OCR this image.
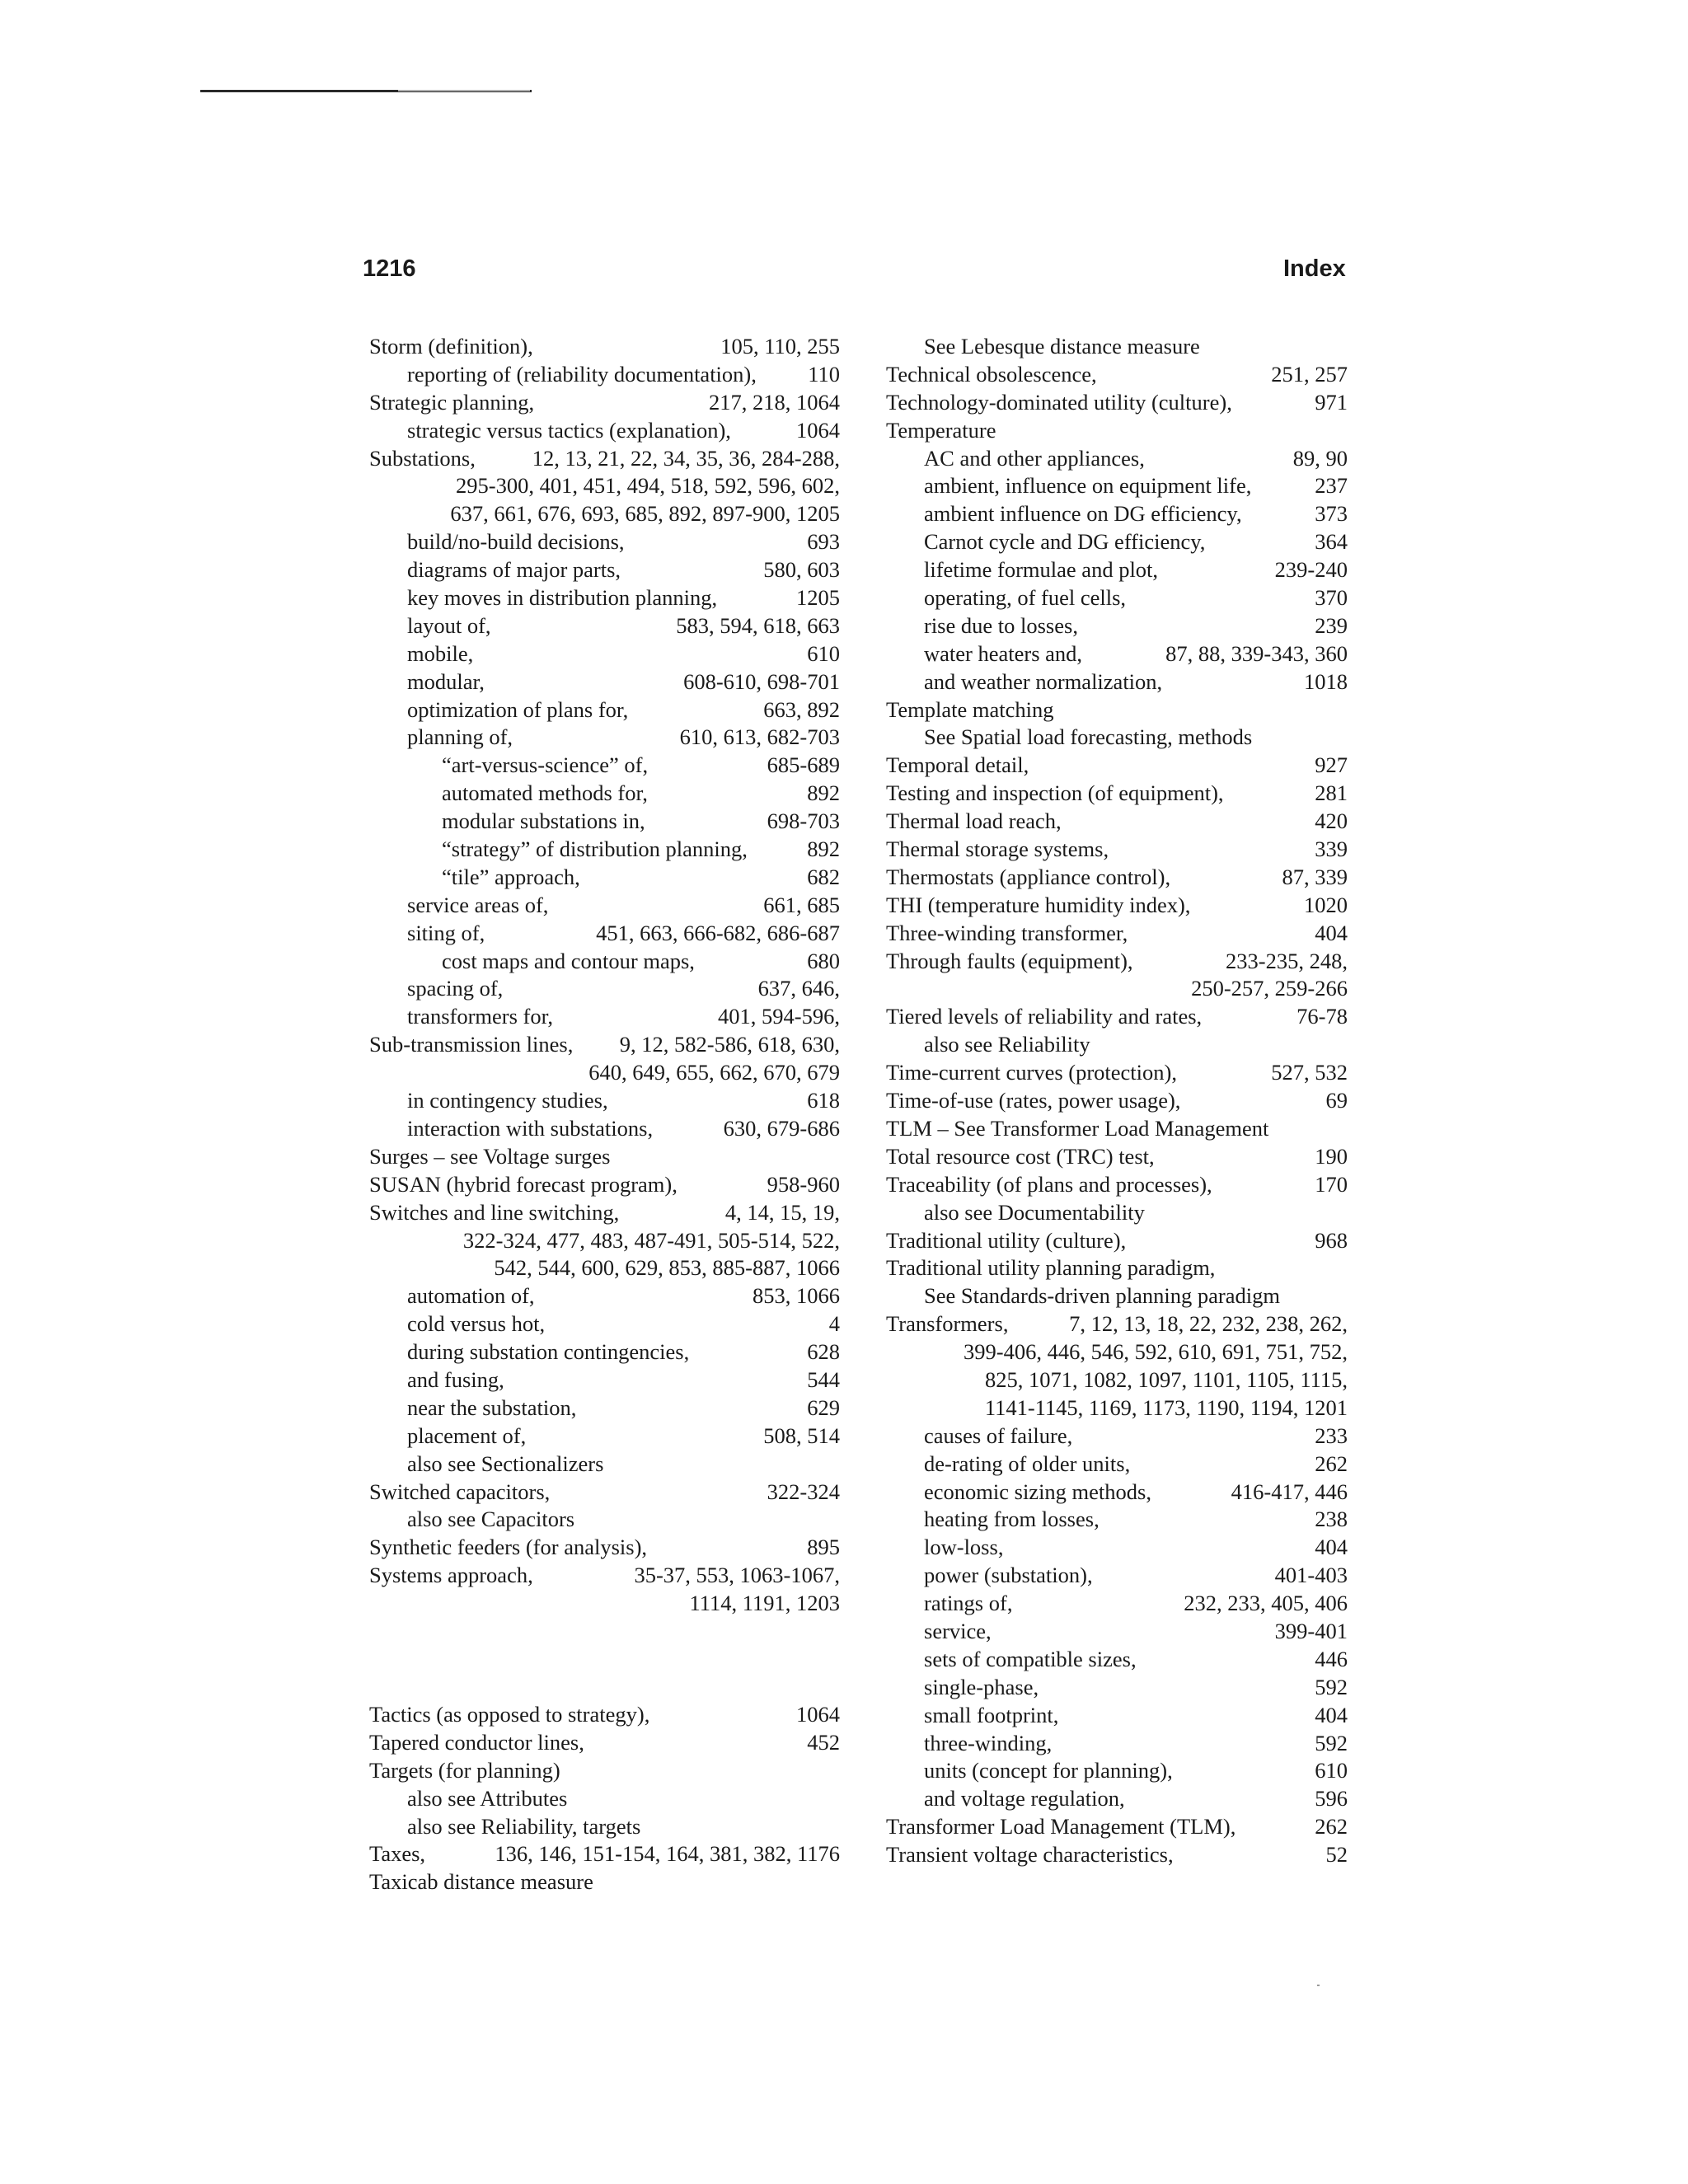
1216	Index
Storm (definition),	105, 110, 255
reporting of (reliability documentation), 110
Strategic planning,	217, 218, 1064
strategic versus tactics (explanation),	1064
Substations,	12, 13, 21, 22, 34, 35, 36, 284-288,
295-300, 401, 451, 494, 518, 592, 596, 602,
637, 661, 676, 693, 685, 892, 897-900, 1205
build/no-build decisions,	693
diagrams of major parts,	580, 603
key moves in distribution planning,	1205
layout of,	583, 594, 618, 663
mobile,	610
modular,	608-610, 698-701
optimization of plans for,	663, 892
planning of,	610, 613, 682-703
“art-versus-science” of,	685-689
automated methods for,	892
modular substations in,	698-703
“strategy” of distribution planning,	892
“tile” approach,	682
service areas of,	661, 685
siting of,	451, 663, 666-682, 686-687
cost maps and contour maps,	680
spacing of,	637, 646,
transformers for,	401, 594-596,
Sub-transmission lines, 9, 12, 582-586, 618, 630,
640, 649, 655, 662, 670, 679
in contingency studies,	618
interaction with substations,	630, 679-686
Surges – see Voltage surges
SUSAN (hybrid forecast program),	958-960
Switches and line switching,	4, 14, 15, 19,
322-324, 477, 483, 487-491, 505-514, 522,
542, 544, 600, 629, 853, 885-887, 1066
automation of,	853, 1066
cold versus hot,	4
during substation contingencies,	628
and fusing,	544
near the substation,	629
placement of,	508, 514
also see Sectionalizers
Switched capacitors,	322-324
also see Capacitors
Synthetic feeders (for analysis),	895
Systems approach,	35-37, 553, 1063-1067,
1114, 1191, 1203
Tactics (as opposed to strategy),	1064
Tapered conductor lines,	452
Targets (for planning)
also see Attributes
also see Reliability, targets
Taxes,	136, 146, 151-154, 164, 381, 382, 1176
Taxicab distance measure
See Lebesque distance measure
Technical obsolescence,	251, 257
Technology-dominated utility (culture),	971
Temperature
AC and other appliances,	89, 90
ambient, influence on equipment life,	237
ambient influence on DG efficiency,	373
Carnot cycle and DG efficiency,	364
lifetime formulae and plot,	239-240
operating, of fuel cells,	370
rise due to losses,	239
water heaters and,	87, 88, 339-343, 360
and weather normalization,	1018
Template matching
See Spatial load forecasting, methods
Temporal detail,	927
Testing and inspection (of equipment),	281
Thermal load reach,	420
Thermal storage systems,	339
Thermostats (appliance control),	87, 339
THI (temperature humidity index),	1020
Three-winding transformer,	404
Through faults (equipment),	233-235, 248,
250-257, 259-266
Tiered levels of reliability and rates,	76-78
also see Reliability
Time-current curves (protection),	527, 532
Time-of-use (rates, power usage),	69
TLM – See Transformer Load Management
Total resource cost (TRC) test,	190
Traceability (of plans and processes),	170
also see Documentability
Traditional utility (culture),	968
Traditional utility planning paradigm,
See Standards-driven planning paradigm
Transformers,	7, 12, 13, 18, 22, 232, 238, 262,
399-406, 446, 546, 592, 610, 691, 751, 752,
825, 1071, 1082, 1097, 1101, 1105, 1115,
1141-1145, 1169, 1173, 1190, 1194, 1201
causes of failure,	233
de-rating of older units,	262
economic sizing methods,	416-417, 446
heating from losses,	238
low-loss,	404
power (substation),	401-403
ratings of,	232, 233, 405, 406
service,	399-401
sets of compatible sizes,	446
single-phase,	592
small footprint,	404
three-winding,	592
units (concept for planning),	610
and voltage regulation,	596
Transformer Load Management (TLM),	262
Transient voltage characteristics,	52
